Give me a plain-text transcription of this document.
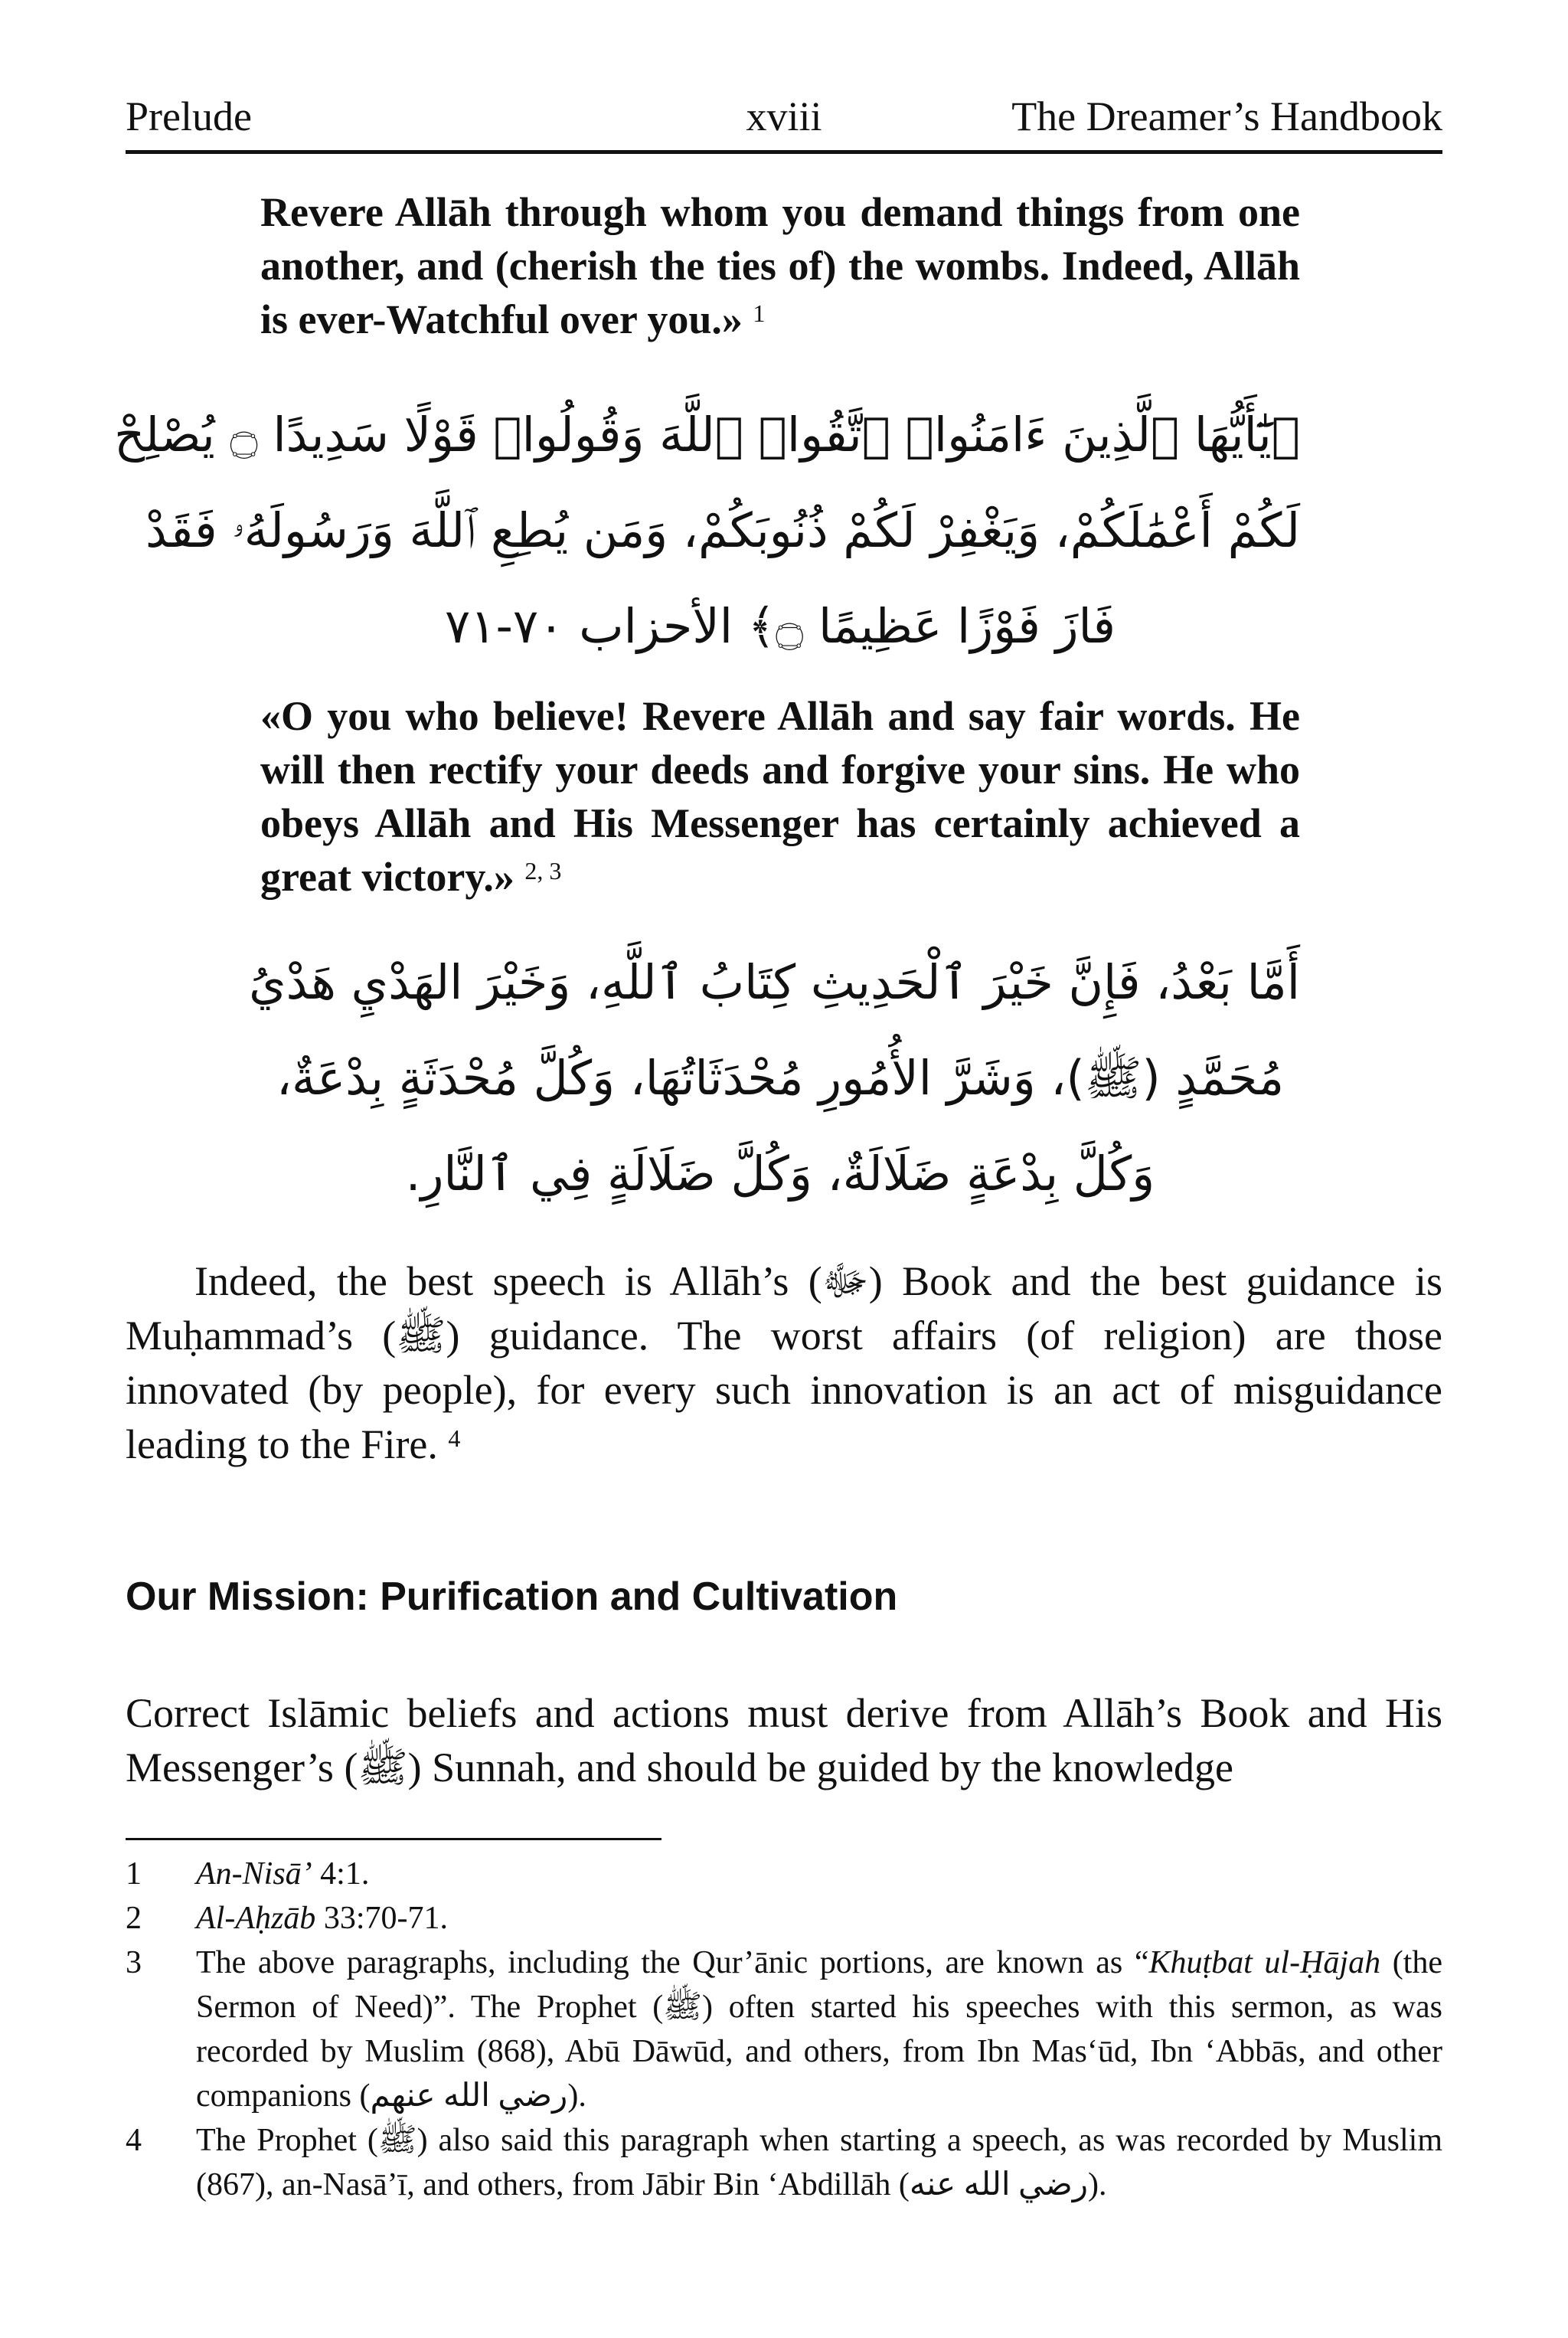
Prelude	xviii	The Dreamer’s Handbook
Revere Allāh through whom you demand things from one another, and (cherish the ties of) the wombs. Indeed, Allāh is ever-Watchful over you.» $^1$
﴿يَٰٓأَيُّهَا ٱلَّذِينَ ءَامَنُوا۟ ٱتَّقُوا۟ ٱللَّهَ وَقُولُوا۟ قَوْلًا سَدِيدًا ۝ يُصْلِحْ
لَكُمْ أَعْمَٰلَكُمْ، وَيَغْفِرْ لَكُمْ ذُنُوبَكُمْ، وَمَن يُطِعِ ٱللَّهَ وَرَسُولَهُۥ فَقَدْ
فَازَ فَوْزًا عَظِيمًا ۝﴾ الأحزاب ٧٠-٧١
«O you who believe! Revere Allāh and say fair words. He will then rectify your deeds and forgive your sins. He who obeys Allāh and His Messenger has certainly achieved a great victory.» $^{2, 3}$
أَمَّا بَعْدُ، فَإِنَّ خَيْرَ ٱلْحَدِيثِ كِتَابُ ٱللَّهِ، وَخَيْرَ الهَدْيِ هَدْيُ
مُحَمَّدٍ (ﷺ)، وَشَرَّ الأُمُورِ مُحْدَثَاتُهَا، وَكُلَّ مُحْدَثَةٍ بِدْعَةٌ،
وَكُلَّ بِدْعَةٍ ضَلَالَةٌ، وَكُلَّ ضَلَالَةٍ فِي ٱلنَّارِ.
Indeed, the best speech is Allāh’s (ﷻ) Book and the best guidance is Muḥammad’s (ﷺ) guidance. The worst affairs (of religion) are those innovated (by people), for every such innovation is an act of misguidance leading to the Fire. $^4$
Our Mission: Purification and Cultivation
Correct Islāmic beliefs and actions must derive from Allāh’s Book and His Messenger’s (ﷺ) Sunnah, and should be guided by the knowledge
1 An-Nisā’ 4:1.
2 Al-Aḥzāb 33:70-71.
3 The above paragraphs, including the Qur’ānic portions, are known as “Khuṭbat ul-Ḥājah (the Sermon of Need)”. The Prophet (ﷺ) often started his speeches with this sermon, as was recorded by Muslim (868), Abū Dāwūd, and others, from Ibn Mas‘ūd, Ibn ‘Abbās, and other companions (رضي الله عنهم).
4 The Prophet (ﷺ) also said this paragraph when starting a speech, as was recorded by Muslim (867), an-Nasā’ī, and others, from Jābir Bin ‘Abdillāh (رضي الله عنه).
